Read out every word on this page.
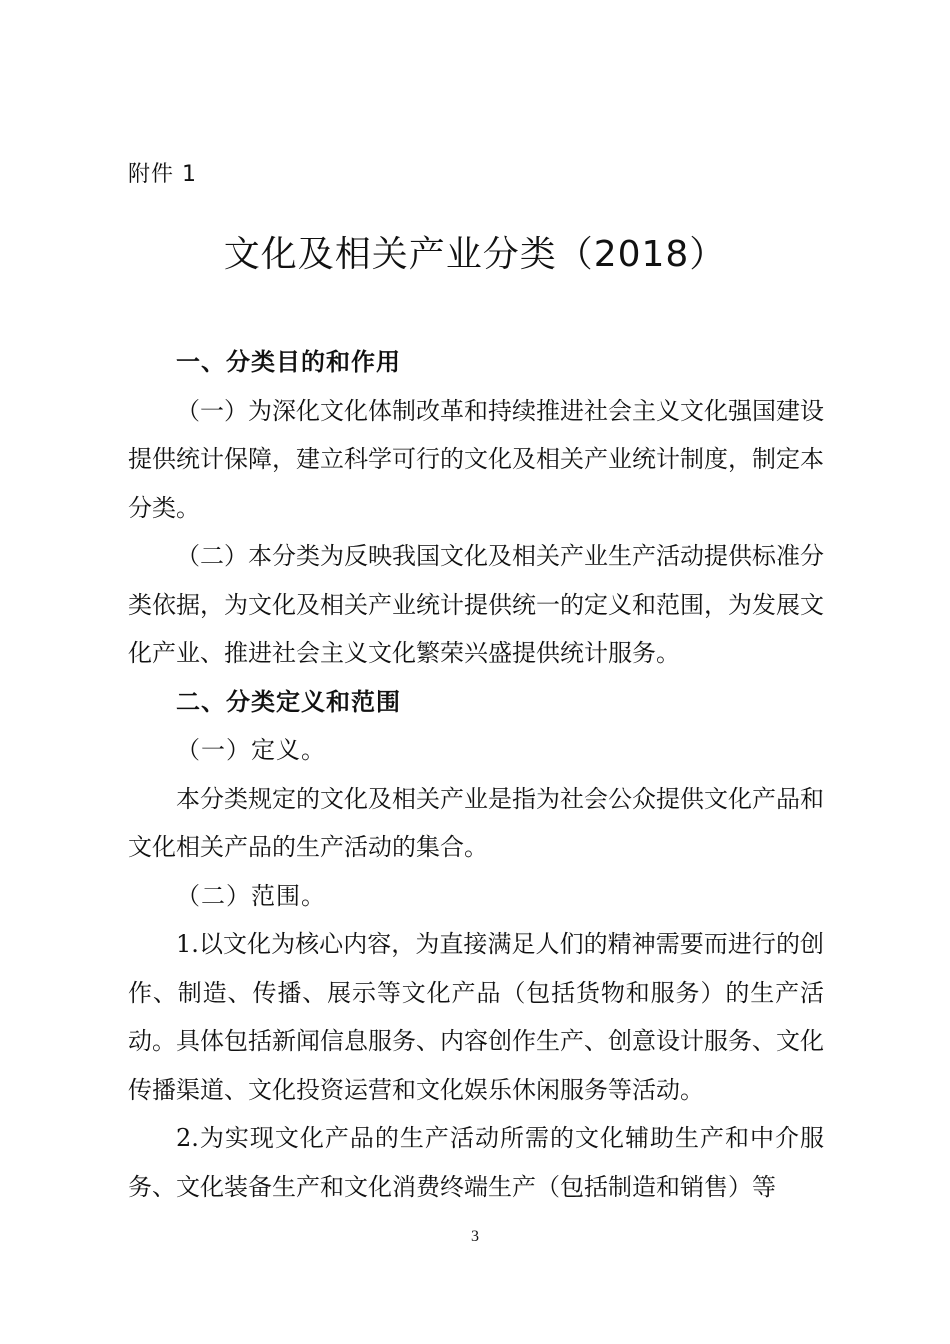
附件 1
文化及相关产业分类（2018）

一、分类目的和作用

（一）为深化文化体制改革和持续推进社会主义文化强国建设提供统计保障，建立科学可行的文化及相关产业统计制度，制定本分类。

（二）本分类为反映我国文化及相关产业生产活动提供标准分类依据，为文化及相关产业统计提供统一的定义和范围，为发展文化产业、推进社会主义文化繁荣兴盛提供统计服务。

二、分类定义和范围

（一）定义。

本分类规定的文化及相关产业是指为社会公众提供文化产品和文化相关产品的生产活动的集合。

（二）范围。

1.以文化为核心内容，为直接满足人们的精神需要而进行的创作、制造、传播、展示等文化产品（包括货物和服务）的生产活动。具体包括新闻信息服务、内容创作生产、创意设计服务、文化传播渠道、文化投资运营和文化娱乐休闲服务等活动。

2.为实现文化产品的生产活动所需的文化辅助生产和中介服务、文化装备生产和文化消费终端生产（包括制造和销售）等

3
